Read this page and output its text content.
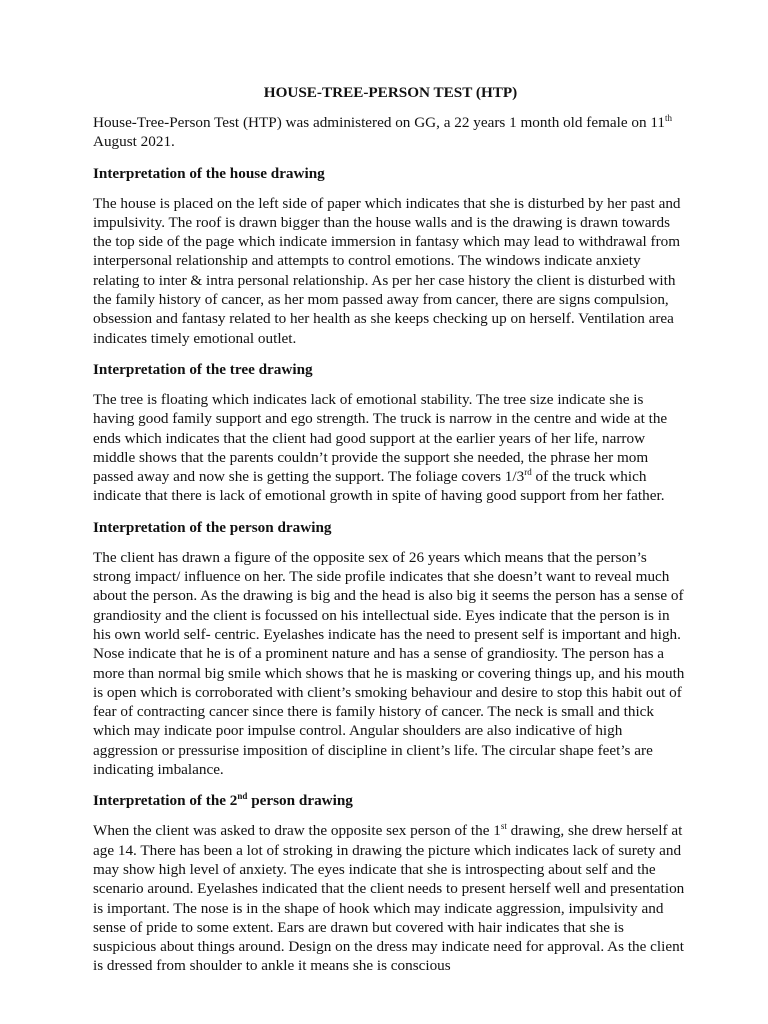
HOUSE-TREE-PERSON TEST (HTP)

House-Tree-Person Test (HTP) was administered on GG, a 22 years 1 month old female on 11th August 2021.

Interpretation of the house drawing

The house is placed on the left side of paper which indicates that she is disturbed by her past and impulsivity. The roof is drawn bigger than the house walls and is the drawing is drawn towards the top side of the page which indicate immersion in fantasy which may lead to withdrawal from interpersonal relationship and attempts to control emotions. The windows indicate anxiety relating to inter & intra personal relationship. As per her case history the client is disturbed with the family history of cancer, as her mom passed away from cancer, there are signs compulsion, obsession and fantasy related to her health as she keeps checking up on herself. Ventilation area indicates timely emotional outlet.

Interpretation of the tree drawing

The tree is floating which indicates lack of emotional stability. The tree size indicate she is having good family support and ego strength. The truck is narrow in the centre and wide at the ends which indicates that the client had good support at the earlier years of her life, narrow middle shows that the parents couldn’t provide the support she needed, the phrase her mom passed away and now she is getting the support. The foliage covers 1/3rd of the truck which indicate that there is lack of emotional growth in spite of having good support from her father.

Interpretation of the person drawing

The client has drawn a figure of the opposite sex of 26 years which means that the person’s strong impact/ influence on her. The side profile indicates that she doesn’t want to reveal much about the person. As the drawing is big and the head is also big it seems the person has a sense of grandiosity and the client is focussed on his intellectual side. Eyes indicate that the person is in his own world self- centric. Eyelashes indicate has the need to present self is important and high. Nose indicate that he is of a prominent nature and has a sense of grandiosity. The person has a more than normal big smile which shows that he is masking or covering things up, and his mouth is open which is corroborated with client’s smoking behaviour and desire to stop this habit out of fear of contracting cancer since there is family history of cancer. The neck is small and thick which may indicate poor impulse control. Angular shoulders are also indicative of high aggression or pressurise imposition of discipline in client’s life. The circular shape feet’s are indicating imbalance.

Interpretation of the 2nd person drawing

When the client was asked to draw the opposite sex person of the 1st drawing, she drew herself at age 14. There has been a lot of stroking in drawing the picture which indicates lack of surety and may show high level of anxiety. The eyes indicate that she is introspecting about self and the scenario around. Eyelashes indicated that the client needs to present herself well and presentation is important. The nose is in the shape of hook which may indicate aggression, impulsivity and sense of pride to some extent. Ears are drawn but covered with hair indicates that she is suspicious about things around. Design on the dress may indicate need for approval. As the client is dressed from shoulder to ankle it means she is conscious
